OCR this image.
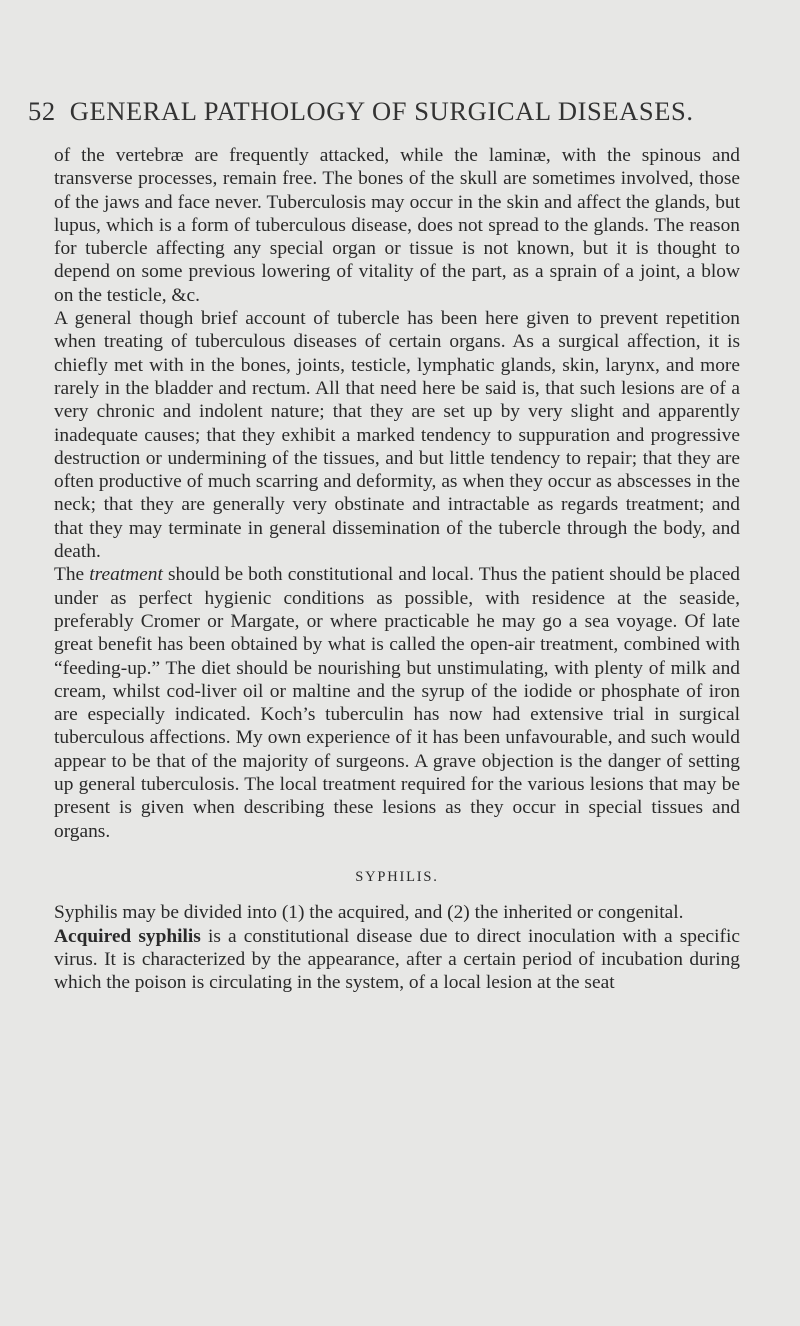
52 GENERAL PATHOLOGY OF SURGICAL DISEASES.

of the vertebræ are frequently attacked, while the laminæ, with the spinous and transverse processes, remain free. The bones of the skull are sometimes involved, those of the jaws and face never. Tuberculosis may occur in the skin and affect the glands, but lupus, which is a form of tuberculous disease, does not spread to the glands. The reason for tubercle affecting any special organ or tissue is not known, but it is thought to depend on some previous lowering of vitality of the part, as a sprain of a joint, a blow on the testicle, &c.

A general though brief account of tubercle has been here given to prevent repetition when treating of tuberculous diseases of certain organs. As a surgical affection, it is chiefly met with in the bones, joints, testicle, lymphatic glands, skin, larynx, and more rarely in the bladder and rectum. All that need here be said is, that such lesions are of a very chronic and indolent nature; that they are set up by very slight and apparently inadequate causes; that they exhibit a marked tendency to suppuration and progressive destruction or undermining of the tissues, and but little tendency to repair; that they are often productive of much scarring and deformity, as when they occur as abscesses in the neck; that they are generally very obstinate and intractable as regards treatment; and that they may terminate in general dissemination of the tubercle through the body, and death.

The treatment should be both constitutional and local. Thus the patient should be placed under as perfect hygienic conditions as possible, with residence at the seaside, preferably Cromer or Margate, or where practicable he may go a sea voyage. Of late great benefit has been obtained by what is called the open-air treatment, combined with “feeding-up.” The diet should be nourishing but unstimulating, with plenty of milk and cream, whilst cod-liver oil or maltine and the syrup of the iodide or phosphate of iron are especially indicated. Koch’s tuberculin has now had extensive trial in surgical tuberculous affections. My own experience of it has been unfavourable, and such would appear to be that of the majority of surgeons. A grave objection is the danger of setting up general tuberculosis. The local treatment required for the various lesions that may be present is given when describing these lesions as they occur in special tissues and organs.

SYPHILIS.

Syphilis may be divided into (1) the acquired, and (2) the inherited or congenital.

Acquired syphilis is a constitutional disease due to direct inoculation with a specific virus. It is characterized by the appearance, after a certain period of incubation during which the poison is circulating in the system, of a local lesion at the seat
